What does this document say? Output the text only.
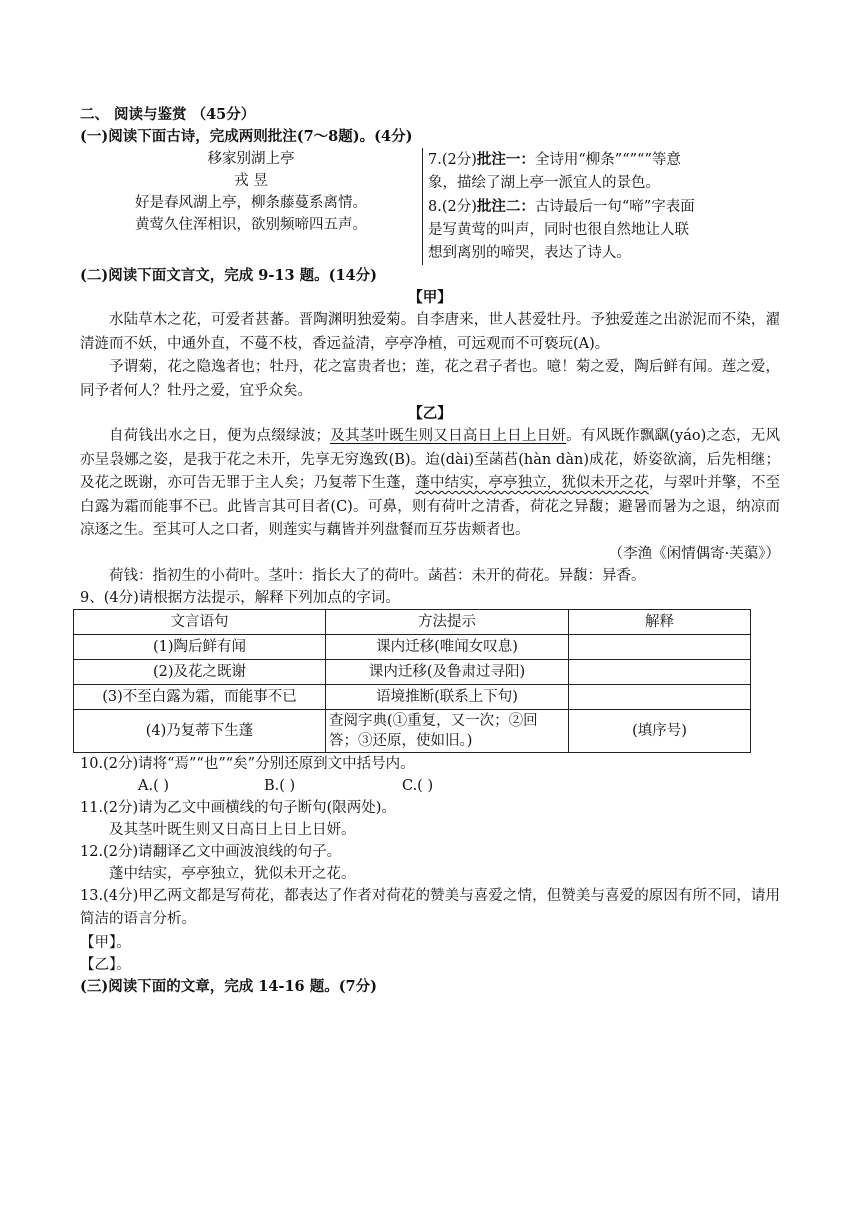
二、 阅读与鉴赏 （45分）
(一)阅读下面古诗，完成两则批注(7～8题)。(4分)
移家别湖上亭
戎 昱
好是春风湖上亭，柳条藤蔓系离情。
黄莺久住浑相识，欲别频啼四五声。
7.(2分)批注一：全诗用“柳条”“”“”等意象，描绘了湖上亭一派宜人的景色。
8.(2分)批注二：古诗最后一句“啼”字表面是写黄莺的叫声，同时也很自然地让人联想到离别的啼哭，表达了诗人。
(二)阅读下面文言文，完成 9-13 题。(14分)
【甲】
水陆草木之花，可爱者甚蕃。晋陶渊明独爱菊。自李唐来，世人甚爱牡丹。予独爱莲之出淤泥而不染，濯清涟而不妖，中通外直，不蔓不枝，香远益清，亭亭净植，可远观而不可亵玩(A)。
予谓菊，花之隐逸者也；牡丹，花之富贵者也；莲，花之君子者也。噫！菊之爱，陶后鲜有闻。莲之爱，同予者何人？牡丹之爱，宜乎众矣。
【乙】
自荷钱出水之日，便为点缀绿波；及其茎叶既生则又日高日上日上日妍。有风既作飘飖(yáo)之态，无风亦呈袅娜之姿，是我于花之未开，先享无穷逸致(B)。迨(dài)至菡萏(hàn dàn)成花，娇姿欲滴，后先相继；及花之既谢，亦可告无罪于主人矣；乃复蒂下生蓬，蓬中结实，亭亭独立，犹似未开之花，与翠叶并擎，不至白露为霜而能事不已。此皆言其可目者(C)。可鼻，则有荷叶之清香，荷花之异馥；避暑而暑为之退，纳凉而凉逐之生。至其可人之口者，则莲实与藕皆并列盘餐而互芬齿颊者也。
（李渔《闲情偶寄·芙蕖》）
荷钱：指初生的小荷叶。茎叶：指长大了的荷叶。菡萏：未开的荷花。异馥：异香。
9、(4分)请根据方法提示，解释下列加点的字词。
文言语句	方法提示	解释
(1)陶后鲜有闻	课内迁移(唯闻女叹息)	
(2)及花之既谢	课内迁移(及鲁肃过寻阳)	
(3)不至白露为霜，而能事不已	语境推断(联系上下句)	
(4)乃复蒂下生蓬	查阅字典(①重复，又一次；②回答；③还原，使如旧。)	(填序号)
10.(2分)请将“焉”“也”“矣”分别还原到文中括号内。
A.( )	B.( )	C.( )
11.(2分)请为乙文中画横线的句子断句(限两处)。
及其茎叶既生则又日高日上日上日妍。
12.(2分)请翻译乙文中画波浪线的句子。
蓬中结实，亭亭独立，犹似未开之花。
13.(4分)甲乙两文都是写荷花，都表达了作者对荷花的赞美与喜爱之情，但赞美与喜爱的原因有所不同，请用简洁的语言分析。
【甲】。
【乙】。
(三)阅读下面的文章，完成 14-16 题。(7分)
